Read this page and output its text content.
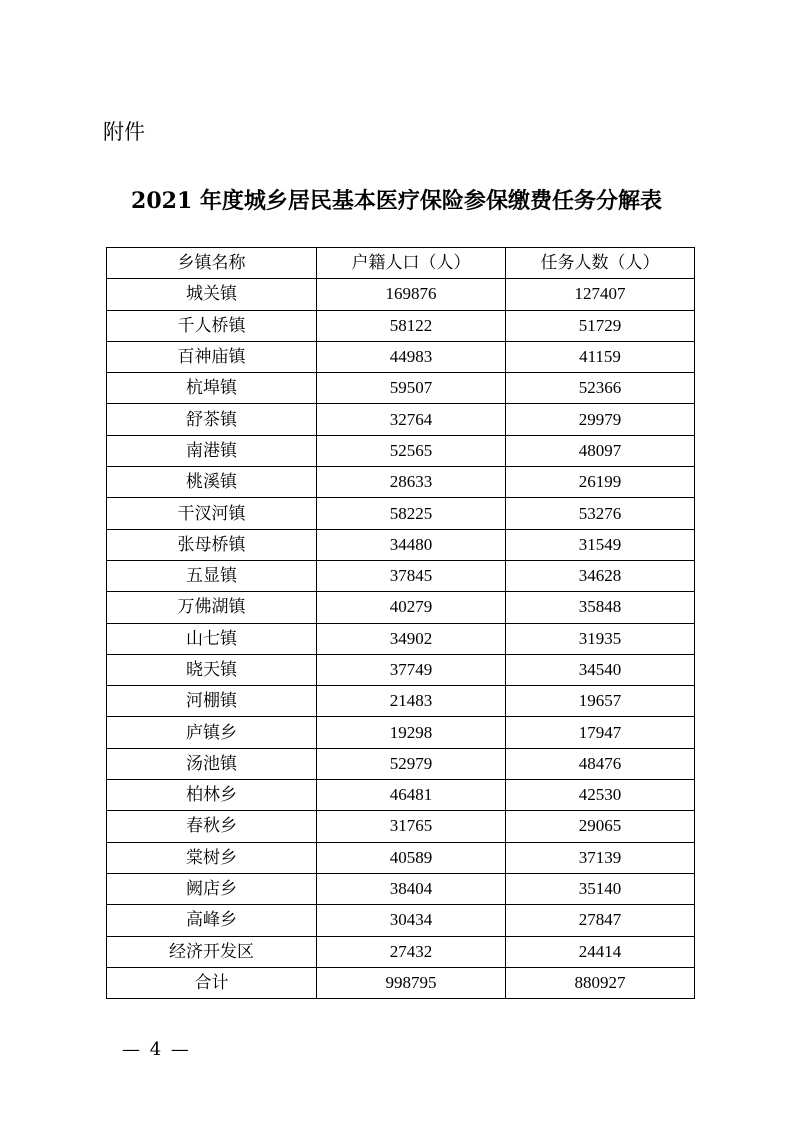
附件
2021 年度城乡居民基本医疗保险参保缴费任务分解表
乡镇名称	户籍人口（人）	任务人数（人）
城关镇	169876	127407
千人桥镇	58122	51729
百神庙镇	44983	41159
杭埠镇	59507	52366
舒茶镇	32764	29979
南港镇	52565	48097
桃溪镇	28633	26199
干汊河镇	58225	53276
张母桥镇	34480	31549
五显镇	37845	34628
万佛湖镇	40279	35848
山七镇	34902	31935
晓天镇	37749	34540
河棚镇	21483	19657
庐镇乡	19298	17947
汤池镇	52979	48476
柏林乡	46481	42530
春秋乡	31765	29065
棠树乡	40589	37139
阙店乡	38404	35140
高峰乡	30434	27847
经济开发区	27432	24414
合计	998795	880927
— 4 —
